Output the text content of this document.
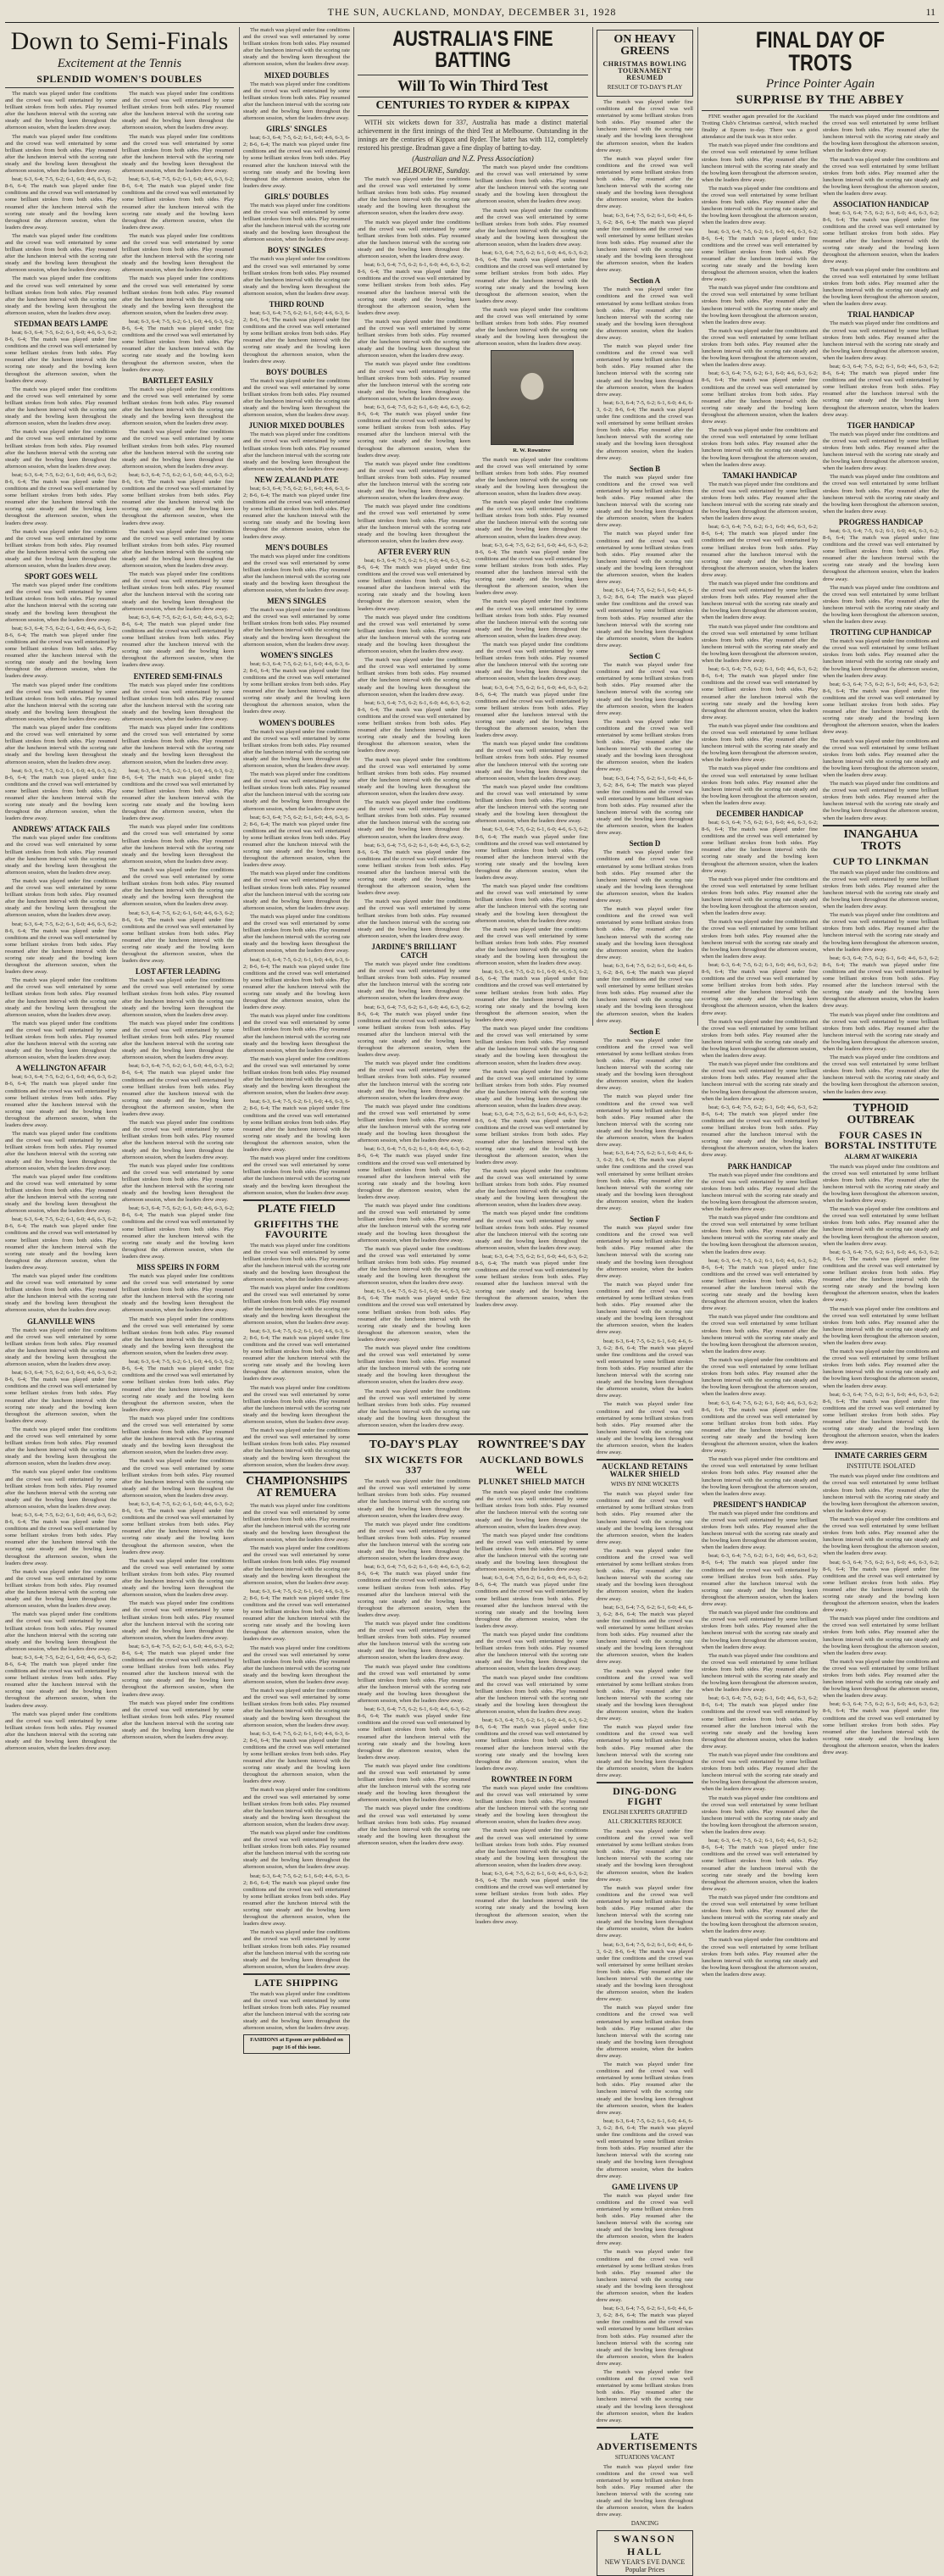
THE SUN, AUCKLAND, MONDAY, DECEMBER 31, 1928	11
Down to Semi-Finals
Excitement at the Tennis
SPLENDID WOMEN'S DOUBLES

The match was played under fine conditions and the crowd was well entertained by some brilliant strokes from both sides. Play resumed after the luncheon interval with the scoring rate steady and the bowling keen throughout the afternoon session, when the leaders drew away.

The match was played under fine conditions and the crowd was well entertained by some brilliant strokes from both sides. Play resumed after the luncheon interval with the scoring rate steady and the bowling keen throughout the afternoon session, when the leaders drew away.

beat; 6-3, 6-4; 7-5, 6-2; 6-1, 6-0; 4-6, 6-3, 6-2; 8-6, 6-4; The match was played under fine conditions and the crowd was well entertained by some brilliant strokes from both sides. Play resumed after the luncheon interval with the scoring rate steady and the bowling keen throughout the afternoon session, when the leaders drew away.

The match was played under fine conditions and the crowd was well entertained by some brilliant strokes from both sides. Play resumed after the luncheon interval with the scoring rate steady and the bowling keen throughout the afternoon session, when the leaders drew away.

The match was played under fine conditions and the crowd was well entertained by some brilliant strokes from both sides. Play resumed after the luncheon interval with the scoring rate steady and the bowling keen throughout the afternoon session, when the leaders drew away.

STEDMAN BEATS LAMPE

beat; 6-3, 6-4; 7-5, 6-2; 6-1, 6-0; 4-6, 6-3, 6-2; 8-6, 6-4; The match was played under fine conditions and the crowd was well entertained by some brilliant strokes from both sides. Play resumed after the luncheon interval with the scoring rate steady and the bowling keen throughout the afternoon session, when the leaders drew away.

The match was played under fine conditions and the crowd was well entertained by some brilliant strokes from both sides. Play resumed after the luncheon interval with the scoring rate steady and the bowling keen throughout the afternoon session, when the leaders drew away.

The match was played under fine conditions and the crowd was well entertained by some brilliant strokes from both sides. Play resumed after the luncheon interval with the scoring rate steady and the bowling keen throughout the afternoon session, when the leaders drew away.

beat; 6-3, 6-4; 7-5, 6-2; 6-1, 6-0; 4-6, 6-3, 6-2; 8-6, 6-4; The match was played under fine conditions and the crowd was well entertained by some brilliant strokes from both sides. Play resumed after the luncheon interval with the scoring rate steady and the bowling keen throughout the afternoon session, when the leaders drew away.

The match was played under fine conditions and the crowd was well entertained by some brilliant strokes from both sides. Play resumed after the luncheon interval with the scoring rate steady and the bowling keen throughout the afternoon session, when the leaders drew away.

SPORT GOES WELL

The match was played under fine conditions and the crowd was well entertained by some brilliant strokes from both sides. Play resumed after the luncheon interval with the scoring rate steady and the bowling keen throughout the afternoon session, when the leaders drew away.

beat; 6-3, 6-4; 7-5, 6-2; 6-1, 6-0; 4-6, 6-3, 6-2; 8-6, 6-4; The match was played under fine conditions and the crowd was well entertained by some brilliant strokes from both sides. Play resumed after the luncheon interval with the scoring rate steady and the bowling keen throughout the afternoon session, when the leaders drew away.

The match was played under fine conditions and the crowd was well entertained by some brilliant strokes from both sides. Play resumed after the luncheon interval with the scoring rate steady and the bowling keen throughout the afternoon session, when the leaders drew away.

The match was played under fine conditions and the crowd was well entertained by some brilliant strokes from both sides. Play resumed after the luncheon interval with the scoring rate steady and the bowling keen throughout the afternoon session, when the leaders drew away.

beat; 6-3, 6-4; 7-5, 6-2; 6-1, 6-0; 4-6, 6-3, 6-2; 8-6, 6-4; The match was played under fine conditions and the crowd was well entertained by some brilliant strokes from both sides. Play resumed after the luncheon interval with the scoring rate steady and the bowling keen throughout the afternoon session, when the leaders drew away.

ANDREWS' ATTACK FAILS

The match was played under fine conditions and the crowd was well entertained by some brilliant strokes from both sides. Play resumed after the luncheon interval with the scoring rate steady and the bowling keen throughout the afternoon session, when the leaders drew away.

The match was played under fine conditions and the crowd was well entertained by some brilliant strokes from both sides. Play resumed after the luncheon interval with the scoring rate steady and the bowling keen throughout the afternoon session, when the leaders drew away.

beat; 6-3, 6-4; 7-5, 6-2; 6-1, 6-0; 4-6, 6-3, 6-2; 8-6, 6-4; The match was played under fine conditions and the crowd was well entertained by some brilliant strokes from both sides. Play resumed after the luncheon interval with the scoring rate steady and the bowling keen throughout the afternoon session, when the leaders drew away.

The match was played under fine conditions and the crowd was well entertained by some brilliant strokes from both sides. Play resumed after the luncheon interval with the scoring rate steady and the bowling keen throughout the afternoon session, when the leaders drew away.

The match was played under fine conditions and the crowd was well entertained by some brilliant strokes from both sides. Play resumed after the luncheon interval with the scoring rate steady and the bowling keen throughout the afternoon session, when the leaders drew away.

A WELLINGTON AFFAIR

beat; 6-3, 6-4; 7-5, 6-2; 6-1, 6-0; 4-6, 6-3, 6-2; 8-6, 6-4; The match was played under fine conditions and the crowd was well entertained by some brilliant strokes from both sides. Play resumed after the luncheon interval with the scoring rate steady and the bowling keen throughout the afternoon session, when the leaders drew away.

The match was played under fine conditions and the crowd was well entertained by some brilliant strokes from both sides. Play resumed after the luncheon interval with the scoring rate steady and the bowling keen throughout the afternoon session, when the leaders drew away.

The match was played under fine conditions and the crowd was well entertained by some brilliant strokes from both sides. Play resumed after the luncheon interval with the scoring rate steady and the bowling keen throughout the afternoon session, when the leaders drew away.

beat; 6-3, 6-4; 7-5, 6-2; 6-1, 6-0; 4-6, 6-3, 6-2; 8-6, 6-4; The match was played under fine conditions and the crowd was well entertained by some brilliant strokes from both sides. Play resumed after the luncheon interval with the scoring rate steady and the bowling keen throughout the afternoon session, when the leaders drew away.

The match was played under fine conditions and the crowd was well entertained by some brilliant strokes from both sides. Play resumed after the luncheon interval with the scoring rate steady and the bowling keen throughout the afternoon session, when the leaders drew away.

GLANVILLE WINS

The match was played under fine conditions and the crowd was well entertained by some brilliant strokes from both sides. Play resumed after the luncheon interval with the scoring rate steady and the bowling keen throughout the afternoon session, when the leaders drew away.

beat; 6-3, 6-4; 7-5, 6-2; 6-1, 6-0; 4-6, 6-3, 6-2; 8-6, 6-4; The match was played under fine conditions and the crowd was well entertained by some brilliant strokes from both sides. Play resumed after the luncheon interval with the scoring rate steady and the bowling keen throughout the afternoon session, when the leaders drew away.

The match was played under fine conditions and the crowd was well entertained by some brilliant strokes from both sides. Play resumed after the luncheon interval with the scoring rate steady and the bowling keen throughout the afternoon session, when the leaders drew away.

The match was played under fine conditions and the crowd was well entertained by some brilliant strokes from both sides. Play resumed after the luncheon interval with the scoring rate steady and the bowling keen throughout the afternoon session, when the leaders drew away.

beat; 6-3, 6-4; 7-5, 6-2; 6-1, 6-0; 4-6, 6-3, 6-2; 8-6, 6-4; The match was played under fine conditions and the crowd was well entertained by some brilliant strokes from both sides. Play resumed after the luncheon interval with the scoring rate steady and the bowling keen throughout the afternoon session, when the leaders drew away.

The match was played under fine conditions and the crowd was well entertained by some brilliant strokes from both sides. Play resumed after the luncheon interval with the scoring rate steady and the bowling keen throughout the afternoon session, when the leaders drew away.

The match was played under fine conditions and the crowd was well entertained by some brilliant strokes from both sides. Play resumed after the luncheon interval with the scoring rate steady and the bowling keen throughout the afternoon session, when the leaders drew away.

beat; 6-3, 6-4; 7-5, 6-2; 6-1, 6-0; 4-6, 6-3, 6-2; 8-6, 6-4; The match was played under fine conditions and the crowd was well entertained by some brilliant strokes from both sides. Play resumed after the luncheon interval with the scoring rate steady and the bowling keen throughout the afternoon session, when the leaders drew away.

The match was played under fine conditions and the crowd was well entertained by some brilliant strokes from both sides. Play resumed after the luncheon interval with the scoring rate steady and the bowling keen throughout the afternoon session, when the leaders drew away.

The match was played under fine conditions and the crowd was well entertained by some brilliant strokes from both sides. Play resumed after the luncheon interval with the scoring rate steady and the bowling keen throughout the afternoon session, when the leaders drew away.

The match was played under fine conditions and the crowd was well entertained by some brilliant strokes from both sides. Play resumed after the luncheon interval with the scoring rate steady and the bowling keen throughout the afternoon session, when the leaders drew away.

beat; 6-3, 6-4; 7-5, 6-2; 6-1, 6-0; 4-6, 6-3, 6-2; 8-6, 6-4; The match was played under fine conditions and the crowd was well entertained by some brilliant strokes from both sides. Play resumed after the luncheon interval with the scoring rate steady and the bowling keen throughout the afternoon session, when the leaders drew away.

The match was played under fine conditions and the crowd was well entertained by some brilliant strokes from both sides. Play resumed after the luncheon interval with the scoring rate steady and the bowling keen throughout the afternoon session, when the leaders drew away.

The match was played under fine conditions and the crowd was well entertained by some brilliant strokes from both sides. Play resumed after the luncheon interval with the scoring rate steady and the bowling keen throughout the afternoon session, when the leaders drew away.

beat; 6-3, 6-4; 7-5, 6-2; 6-1, 6-0; 4-6, 6-3, 6-2; 8-6, 6-4; The match was played under fine conditions and the crowd was well entertained by some brilliant strokes from both sides. Play resumed after the luncheon interval with the scoring rate steady and the bowling keen throughout the afternoon session, when the leaders drew away.

BARTLEET EASILY

The match was played under fine conditions and the crowd was well entertained by some brilliant strokes from both sides. Play resumed after the luncheon interval with the scoring rate steady and the bowling keen throughout the afternoon session, when the leaders drew away.

The match was played under fine conditions and the crowd was well entertained by some brilliant strokes from both sides. Play resumed after the luncheon interval with the scoring rate steady and the bowling keen throughout the afternoon session, when the leaders drew away.

beat; 6-3, 6-4; 7-5, 6-2; 6-1, 6-0; 4-6, 6-3, 6-2; 8-6, 6-4; The match was played under fine conditions and the crowd was well entertained by some brilliant strokes from both sides. Play resumed after the luncheon interval with the scoring rate steady and the bowling keen throughout the afternoon session, when the leaders drew away.

The match was played under fine conditions and the crowd was well entertained by some brilliant strokes from both sides. Play resumed after the luncheon interval with the scoring rate steady and the bowling keen throughout the afternoon session, when the leaders drew away.

The match was played under fine conditions and the crowd was well entertained by some brilliant strokes from both sides. Play resumed after the luncheon interval with the scoring rate steady and the bowling keen throughout the afternoon session, when the leaders drew away.

beat; 6-3, 6-4; 7-5, 6-2; 6-1, 6-0; 4-6, 6-3, 6-2; 8-6, 6-4; The match was played under fine conditions and the crowd was well entertained by some brilliant strokes from both sides. Play resumed after the luncheon interval with the scoring rate steady and the bowling keen throughout the afternoon session, when the leaders drew away.

ENTERED SEMI-FINALS

The match was played under fine conditions and the crowd was well entertained by some brilliant strokes from both sides. Play resumed after the luncheon interval with the scoring rate steady and the bowling keen throughout the afternoon session, when the leaders drew away.

The match was played under fine conditions and the crowd was well entertained by some brilliant strokes from both sides. Play resumed after the luncheon interval with the scoring rate steady and the bowling keen throughout the afternoon session, when the leaders drew away.

beat; 6-3, 6-4; 7-5, 6-2; 6-1, 6-0; 4-6, 6-3, 6-2; 8-6, 6-4; The match was played under fine conditions and the crowd was well entertained by some brilliant strokes from both sides. Play resumed after the luncheon interval with the scoring rate steady and the bowling keen throughout the afternoon session, when the leaders drew away.

The match was played under fine conditions and the crowd was well entertained by some brilliant strokes from both sides. Play resumed after the luncheon interval with the scoring rate steady and the bowling keen throughout the afternoon session, when the leaders drew away.

The match was played under fine conditions and the crowd was well entertained by some brilliant strokes from both sides. Play resumed after the luncheon interval with the scoring rate steady and the bowling keen throughout the afternoon session, when the leaders drew away.

beat; 6-3, 6-4; 7-5, 6-2; 6-1, 6-0; 4-6, 6-3, 6-2; 8-6, 6-4; The match was played under fine conditions and the crowd was well entertained by some brilliant strokes from both sides. Play resumed after the luncheon interval with the scoring rate steady and the bowling keen throughout the afternoon session, when the leaders drew away.

LOST AFTER LEADING

The match was played under fine conditions and the crowd was well entertained by some brilliant strokes from both sides. Play resumed after the luncheon interval with the scoring rate steady and the bowling keen throughout the afternoon session, when the leaders drew away.

The match was played under fine conditions and the crowd was well entertained by some brilliant strokes from both sides. Play resumed after the luncheon interval with the scoring rate steady and the bowling keen throughout the afternoon session, when the leaders drew away.

beat; 6-3, 6-4; 7-5, 6-2; 6-1, 6-0; 4-6, 6-3, 6-2; 8-6, 6-4; The match was played under fine conditions and the crowd was well entertained by some brilliant strokes from both sides. Play resumed after the luncheon interval with the scoring rate steady and the bowling keen throughout the afternoon session, when the leaders drew away.

The match was played under fine conditions and the crowd was well entertained by some brilliant strokes from both sides. Play resumed after the luncheon interval with the scoring rate steady and the bowling keen throughout the afternoon session, when the leaders drew away.

The match was played under fine conditions and the crowd was well entertained by some brilliant strokes from both sides. Play resumed after the luncheon interval with the scoring rate steady and the bowling keen throughout the afternoon session, when the leaders drew away.

beat; 6-3, 6-4; 7-5, 6-2; 6-1, 6-0; 4-6, 6-3, 6-2; 8-6, 6-4; The match was played under fine conditions and the crowd was well entertained by some brilliant strokes from both sides. Play resumed after the luncheon interval with the scoring rate steady and the bowling keen throughout the afternoon session, when the leaders drew away.

MISS SPEIRS IN FORM

The match was played under fine conditions and the crowd was well entertained by some brilliant strokes from both sides. Play resumed after the luncheon interval with the scoring rate steady and the bowling keen throughout the afternoon session, when the leaders drew away.

The match was played under fine conditions and the crowd was well entertained by some brilliant strokes from both sides. Play resumed after the luncheon interval with the scoring rate steady and the bowling keen throughout the afternoon session, when the leaders drew away.

beat; 6-3, 6-4; 7-5, 6-2; 6-1, 6-0; 4-6, 6-3, 6-2; 8-6, 6-4; The match was played under fine conditions and the crowd was well entertained by some brilliant strokes from both sides. Play resumed after the luncheon interval with the scoring rate steady and the bowling keen throughout the afternoon session, when the leaders drew away.

The match was played under fine conditions and the crowd was well entertained by some brilliant strokes from both sides. Play resumed after the luncheon interval with the scoring rate steady and the bowling keen throughout the afternoon session, when the leaders drew away.

The match was played under fine conditions and the crowd was well entertained by some brilliant strokes from both sides. Play resumed after the luncheon interval with the scoring rate steady and the bowling keen throughout the afternoon session, when the leaders drew away.

beat; 6-3, 6-4; 7-5, 6-2; 6-1, 6-0; 4-6, 6-3, 6-2; 8-6, 6-4; The match was played under fine conditions and the crowd was well entertained by some brilliant strokes from both sides. Play resumed after the luncheon interval with the scoring rate steady and the bowling keen throughout the afternoon session, when the leaders drew away.

The match was played under fine conditions and the crowd was well entertained by some brilliant strokes from both sides. Play resumed after the luncheon interval with the scoring rate steady and the bowling keen throughout the afternoon session, when the leaders drew away.

The match was played under fine conditions and the crowd was well entertained by some brilliant strokes from both sides. Play resumed after the luncheon interval with the scoring rate steady and the bowling keen throughout the afternoon session, when the leaders drew away.

beat; 6-3, 6-4; 7-5, 6-2; 6-1, 6-0; 4-6, 6-3, 6-2; 8-6, 6-4; The match was played under fine conditions and the crowd was well entertained by some brilliant strokes from both sides. Play resumed after the luncheon interval with the scoring rate steady and the bowling keen throughout the afternoon session, when the leaders drew away.

The match was played under fine conditions and the crowd was well entertained by some brilliant strokes from both sides. Play resumed after the luncheon interval with the scoring rate steady and the bowling keen throughout the afternoon session, when the leaders drew away.

The match was played under fine conditions and the crowd was well entertained by some brilliant strokes from both sides. Play resumed after the luncheon interval with the scoring rate steady and the bowling keen throughout the afternoon session, when the leaders drew away.

MIXED DOUBLES

The match was played under fine conditions and the crowd was well entertained by some brilliant strokes from both sides. Play resumed after the luncheon interval with the scoring rate steady and the bowling keen throughout the afternoon session, when the leaders drew away.

GIRLS' SINGLES

beat; 6-3, 6-4; 7-5, 6-2; 6-1, 6-0; 4-6, 6-3, 6-2; 8-6, 6-4; The match was played under fine conditions and the crowd was well entertained by some brilliant strokes from both sides. Play resumed after the luncheon interval with the scoring rate steady and the bowling keen throughout the afternoon session, when the leaders drew away.

GIRLS' DOUBLES

The match was played under fine conditions and the crowd was well entertained by some brilliant strokes from both sides. Play resumed after the luncheon interval with the scoring rate steady and the bowling keen throughout the afternoon session, when the leaders drew away.

BOYS' SINGLES

The match was played under fine conditions and the crowd was well entertained by some brilliant strokes from both sides. Play resumed after the luncheon interval with the scoring rate steady and the bowling keen throughout the afternoon session, when the leaders drew away.

THIRD ROUND

beat; 6-3, 6-4; 7-5, 6-2; 6-1, 6-0; 4-6, 6-3, 6-2; 8-6, 6-4; The match was played under fine conditions and the crowd was well entertained by some brilliant strokes from both sides. Play resumed after the luncheon interval with the scoring rate steady and the bowling keen throughout the afternoon session, when the leaders drew away.

BOYS' DOUBLES

The match was played under fine conditions and the crowd was well entertained by some brilliant strokes from both sides. Play resumed after the luncheon interval with the scoring rate steady and the bowling keen throughout the afternoon session, when the leaders drew away.

JUNIOR MIXED DOUBLES

The match was played under fine conditions and the crowd was well entertained by some brilliant strokes from both sides. Play resumed after the luncheon interval with the scoring rate steady and the bowling keen throughout the afternoon session, when the leaders drew away.

NEW ZEALAND PLATE

beat; 6-3, 6-4; 7-5, 6-2; 6-1, 6-0; 4-6, 6-3, 6-2; 8-6, 6-4; The match was played under fine conditions and the crowd was well entertained by some brilliant strokes from both sides. Play resumed after the luncheon interval with the scoring rate steady and the bowling keen throughout the afternoon session, when the leaders drew away.

MEN'S DOUBLES

The match was played under fine conditions and the crowd was well entertained by some brilliant strokes from both sides. Play resumed after the luncheon interval with the scoring rate steady and the bowling keen throughout the afternoon session, when the leaders drew away.

MEN'S SINGLES

The match was played under fine conditions and the crowd was well entertained by some brilliant strokes from both sides. Play resumed after the luncheon interval with the scoring rate steady and the bowling keen throughout the afternoon session, when the leaders drew away.

WOMEN'S SINGLES

beat; 6-3, 6-4; 7-5, 6-2; 6-1, 6-0; 4-6, 6-3, 6-2; 8-6, 6-4; The match was played under fine conditions and the crowd was well entertained by some brilliant strokes from both sides. Play resumed after the luncheon interval with the scoring rate steady and the bowling keen throughout the afternoon session, when the leaders drew away.

WOMEN'S DOUBLES

The match was played under fine conditions and the crowd was well entertained by some brilliant strokes from both sides. Play resumed after the luncheon interval with the scoring rate steady and the bowling keen throughout the afternoon session, when the leaders drew away.

The match was played under fine conditions and the crowd was well entertained by some brilliant strokes from both sides. Play resumed after the luncheon interval with the scoring rate steady and the bowling keen throughout the afternoon session, when the leaders drew away.

beat; 6-3, 6-4; 7-5, 6-2; 6-1, 6-0; 4-6, 6-3, 6-2; 8-6, 6-4; The match was played under fine conditions and the crowd was well entertained by some brilliant strokes from both sides. Play resumed after the luncheon interval with the scoring rate steady and the bowling keen throughout the afternoon session, when the leaders drew away.

The match was played under fine conditions and the crowd was well entertained by some brilliant strokes from both sides. Play resumed after the luncheon interval with the scoring rate steady and the bowling keen throughout the afternoon session, when the leaders drew away.

The match was played under fine conditions and the crowd was well entertained by some brilliant strokes from both sides. Play resumed after the luncheon interval with the scoring rate steady and the bowling keen throughout the afternoon session, when the leaders drew away.

beat; 6-3, 6-4; 7-5, 6-2; 6-1, 6-0; 4-6, 6-3, 6-2; 8-6, 6-4; The match was played under fine conditions and the crowd was well entertained by some brilliant strokes from both sides. Play resumed after the luncheon interval with the scoring rate steady and the bowling keen throughout the afternoon session, when the leaders drew away.

The match was played under fine conditions and the crowd was well entertained by some brilliant strokes from both sides. Play resumed after the luncheon interval with the scoring rate steady and the bowling keen throughout the afternoon session, when the leaders drew away.

The match was played under fine conditions and the crowd was well entertained by some brilliant strokes from both sides. Play resumed after the luncheon interval with the scoring rate steady and the bowling keen throughout the afternoon session, when the leaders drew away.

beat; 6-3, 6-4; 7-5, 6-2; 6-1, 6-0; 4-6, 6-3, 6-2; 8-6, 6-4; The match was played under fine conditions and the crowd was well entertained by some brilliant strokes from both sides. Play resumed after the luncheon interval with the scoring rate steady and the bowling keen throughout the afternoon session, when the leaders drew away.

The match was played under fine conditions and the crowd was well entertained by some brilliant strokes from both sides. Play resumed after the luncheon interval with the scoring rate steady and the bowling keen throughout the afternoon session, when the leaders drew away.

PLATE FIELD
GRIFFITHS THE FAVOURITE

The match was played under fine conditions and the crowd was well entertained by some brilliant strokes from both sides. Play resumed after the luncheon interval with the scoring rate steady and the bowling keen throughout the afternoon session, when the leaders drew away.

The match was played under fine conditions and the crowd was well entertained by some brilliant strokes from both sides. Play resumed after the luncheon interval with the scoring rate steady and the bowling keen throughout the afternoon session, when the leaders drew away.

beat; 6-3, 6-4; 7-5, 6-2; 6-1, 6-0; 4-6, 6-3, 6-2; 8-6, 6-4; The match was played under fine conditions and the crowd was well entertained by some brilliant strokes from both sides. Play resumed after the luncheon interval with the scoring rate steady and the bowling keen throughout the afternoon session, when the leaders drew away.

The match was played under fine conditions and the crowd was well entertained by some brilliant strokes from both sides. Play resumed after the luncheon interval with the scoring rate steady and the bowling keen throughout the afternoon session, when the leaders drew away.

The match was played under fine conditions and the crowd was well entertained by some brilliant strokes from both sides. Play resumed after the luncheon interval with the scoring rate steady and the bowling keen throughout the afternoon session, when the leaders drew away.

CHAMPIONSHIPS AT REMUERA

The match was played under fine conditions and the crowd was well entertained by some brilliant strokes from both sides. Play resumed after the luncheon interval with the scoring rate steady and the bowling keen throughout the afternoon session, when the leaders drew away.

The match was played under fine conditions and the crowd was well entertained by some brilliant strokes from both sides. Play resumed after the luncheon interval with the scoring rate steady and the bowling keen throughout the afternoon session, when the leaders drew away.

beat; 6-3, 6-4; 7-5, 6-2; 6-1, 6-0; 4-6, 6-3, 6-2; 8-6, 6-4; The match was played under fine conditions and the crowd was well entertained by some brilliant strokes from both sides. Play resumed after the luncheon interval with the scoring rate steady and the bowling keen throughout the afternoon session, when the leaders drew away.

The match was played under fine conditions and the crowd was well entertained by some brilliant strokes from both sides. Play resumed after the luncheon interval with the scoring rate steady and the bowling keen throughout the afternoon session, when the leaders drew away.

The match was played under fine conditions and the crowd was well entertained by some brilliant strokes from both sides. Play resumed after the luncheon interval with the scoring rate steady and the bowling keen throughout the afternoon session, when the leaders drew away.

beat; 6-3, 6-4; 7-5, 6-2; 6-1, 6-0; 4-6, 6-3, 6-2; 8-6, 6-4; The match was played under fine conditions and the crowd was well entertained by some brilliant strokes from both sides. Play resumed after the luncheon interval with the scoring rate steady and the bowling keen throughout the afternoon session, when the leaders drew away.

The match was played under fine conditions and the crowd was well entertained by some brilliant strokes from both sides. Play resumed after the luncheon interval with the scoring rate steady and the bowling keen throughout the afternoon session, when the leaders drew away.

The match was played under fine conditions and the crowd was well entertained by some brilliant strokes from both sides. Play resumed after the luncheon interval with the scoring rate steady and the bowling keen throughout the afternoon session, when the leaders drew away.

beat; 6-3, 6-4; 7-5, 6-2; 6-1, 6-0; 4-6, 6-3, 6-2; 8-6, 6-4; The match was played under fine conditions and the crowd was well entertained by some brilliant strokes from both sides. Play resumed after the luncheon interval with the scoring rate steady and the bowling keen throughout the afternoon session, when the leaders drew away.

The match was played under fine conditions and the crowd was well entertained by some brilliant strokes from both sides. Play resumed after the luncheon interval with the scoring rate steady and the bowling keen throughout the afternoon session, when the leaders drew away.

LATE SHIPPING

The match was played under fine conditions and the crowd was well entertained by some brilliant strokes from both sides. Play resumed after the luncheon interval with the scoring rate steady and the bowling keen throughout the afternoon session, when the leaders drew away.

FASHIONS at Epsom are published on page 16 of this issue.
AUSTRALIA'S FINE BATTING
Will To Win Third Test
CENTURIES TO RYDER & KIPPAX

WITH six wickets down for 337, Australia has made a distinct material achievement in the first innings of the third Test at Melbourne. Outstanding in the innings are the centuries of Kippax and Ryder. The latter has with 112, completely restored his prestige. Bradman gave a fine display of batting to-day.

(Australian and N.Z. Press Association)
MELBOURNE, Sunday.

The match was played under fine conditions and the crowd was well entertained by some brilliant strokes from both sides. Play resumed after the luncheon interval with the scoring rate steady and the bowling keen throughout the afternoon session, when the leaders drew away.

The match was played under fine conditions and the crowd was well entertained by some brilliant strokes from both sides. Play resumed after the luncheon interval with the scoring rate steady and the bowling keen throughout the afternoon session, when the leaders drew away.

beat; 6-3, 6-4; 7-5, 6-2; 6-1, 6-0; 4-6, 6-3, 6-2; 8-6, 6-4; The match was played under fine conditions and the crowd was well entertained by some brilliant strokes from both sides. Play resumed after the luncheon interval with the scoring rate steady and the bowling keen throughout the afternoon session, when the leaders drew away.

The match was played under fine conditions and the crowd was well entertained by some brilliant strokes from both sides. Play resumed after the luncheon interval with the scoring rate steady and the bowling keen throughout the afternoon session, when the leaders drew away.

The match was played under fine conditions and the crowd was well entertained by some brilliant strokes from both sides. Play resumed after the luncheon interval with the scoring rate steady and the bowling keen throughout the afternoon session, when the leaders drew away.

beat; 6-3, 6-4; 7-5, 6-2; 6-1, 6-0; 4-6, 6-3, 6-2; 8-6, 6-4; The match was played under fine conditions and the crowd was well entertained by some brilliant strokes from both sides. Play resumed after the luncheon interval with the scoring rate steady and the bowling keen throughout the afternoon session, when the leaders drew away.

The match was played under fine conditions and the crowd was well entertained by some brilliant strokes from both sides. Play resumed after the luncheon interval with the scoring rate steady and the bowling keen throughout the afternoon session, when the leaders drew away.

The match was played under fine conditions and the crowd was well entertained by some brilliant strokes from both sides. Play resumed after the luncheon interval with the scoring rate steady and the bowling keen throughout the afternoon session, when the leaders drew away.

AFTER EVERY RUN

beat; 6-3, 6-4; 7-5, 6-2; 6-1, 6-0; 4-6, 6-3, 6-2; 8-6, 6-4; The match was played under fine conditions and the crowd was well entertained by some brilliant strokes from both sides. Play resumed after the luncheon interval with the scoring rate steady and the bowling keen throughout the afternoon session, when the leaders drew away.

The match was played under fine conditions and the crowd was well entertained by some brilliant strokes from both sides. Play resumed after the luncheon interval with the scoring rate steady and the bowling keen throughout the afternoon session, when the leaders drew away.

The match was played under fine conditions and the crowd was well entertained by some brilliant strokes from both sides. Play resumed after the luncheon interval with the scoring rate steady and the bowling keen throughout the afternoon session, when the leaders drew away.

beat; 6-3, 6-4; 7-5, 6-2; 6-1, 6-0; 4-6, 6-3, 6-2; 8-6, 6-4; The match was played under fine conditions and the crowd was well entertained by some brilliant strokes from both sides. Play resumed after the luncheon interval with the scoring rate steady and the bowling keen throughout the afternoon session, when the leaders drew away.

The match was played under fine conditions and the crowd was well entertained by some brilliant strokes from both sides. Play resumed after the luncheon interval with the scoring rate steady and the bowling keen throughout the afternoon session, when the leaders drew away.

The match was played under fine conditions and the crowd was well entertained by some brilliant strokes from both sides. Play resumed after the luncheon interval with the scoring rate steady and the bowling keen throughout the afternoon session, when the leaders drew away.

beat; 6-3, 6-4; 7-5, 6-2; 6-1, 6-0; 4-6, 6-3, 6-2; 8-6, 6-4; The match was played under fine conditions and the crowd was well entertained by some brilliant strokes from both sides. Play resumed after the luncheon interval with the scoring rate steady and the bowling keen throughout the afternoon session, when the leaders drew away.

The match was played under fine conditions and the crowd was well entertained by some brilliant strokes from both sides. Play resumed after the luncheon interval with the scoring rate steady and the bowling keen throughout the afternoon session, when the leaders drew away.

JARDINE'S BRILLIANT CATCH

The match was played under fine conditions and the crowd was well entertained by some brilliant strokes from both sides. Play resumed after the luncheon interval with the scoring rate steady and the bowling keen throughout the afternoon session, when the leaders drew away.

beat; 6-3, 6-4; 7-5, 6-2; 6-1, 6-0; 4-6, 6-3, 6-2; 8-6, 6-4; The match was played under fine conditions and the crowd was well entertained by some brilliant strokes from both sides. Play resumed after the luncheon interval with the scoring rate steady and the bowling keen throughout the afternoon session, when the leaders drew away.

The match was played under fine conditions and the crowd was well entertained by some brilliant strokes from both sides. Play resumed after the luncheon interval with the scoring rate steady and the bowling keen throughout the afternoon session, when the leaders drew away.

The match was played under fine conditions and the crowd was well entertained by some brilliant strokes from both sides. Play resumed after the luncheon interval with the scoring rate steady and the bowling keen throughout the afternoon session, when the leaders drew away.

beat; 6-3, 6-4; 7-5, 6-2; 6-1, 6-0; 4-6, 6-3, 6-2; 8-6, 6-4; The match was played under fine conditions and the crowd was well entertained by some brilliant strokes from both sides. Play resumed after the luncheon interval with the scoring rate steady and the bowling keen throughout the afternoon session, when the leaders drew away.

The match was played under fine conditions and the crowd was well entertained by some brilliant strokes from both sides. Play resumed after the luncheon interval with the scoring rate steady and the bowling keen throughout the afternoon session, when the leaders drew away.

The match was played under fine conditions and the crowd was well entertained by some brilliant strokes from both sides. Play resumed after the luncheon interval with the scoring rate steady and the bowling keen throughout the afternoon session, when the leaders drew away.

beat; 6-3, 6-4; 7-5, 6-2; 6-1, 6-0; 4-6, 6-3, 6-2; 8-6, 6-4; The match was played under fine conditions and the crowd was well entertained by some brilliant strokes from both sides. Play resumed after the luncheon interval with the scoring rate steady and the bowling keen throughout the afternoon session, when the leaders drew away.

The match was played under fine conditions and the crowd was well entertained by some brilliant strokes from both sides. Play resumed after the luncheon interval with the scoring rate steady and the bowling keen throughout the afternoon session, when the leaders drew away.

The match was played under fine conditions and the crowd was well entertained by some brilliant strokes from both sides. Play resumed after the luncheon interval with the scoring rate steady and the bowling keen throughout the afternoon session, when the leaders drew away.

The match was played under fine conditions and the crowd was well entertained by some brilliant strokes from both sides. Play resumed after the luncheon interval with the scoring rate steady and the bowling keen throughout the afternoon session, when the leaders drew away.

The match was played under fine conditions and the crowd was well entertained by some brilliant strokes from both sides. Play resumed after the luncheon interval with the scoring rate steady and the bowling keen throughout the afternoon session, when the leaders drew away.

beat; 6-3, 6-4; 7-5, 6-2; 6-1, 6-0; 4-6, 6-3, 6-2; 8-6, 6-4; The match was played under fine conditions and the crowd was well entertained by some brilliant strokes from both sides. Play resumed after the luncheon interval with the scoring rate steady and the bowling keen throughout the afternoon session, when the leaders drew away.

The match was played under fine conditions and the crowd was well entertained by some brilliant strokes from both sides. Play resumed after the luncheon interval with the scoring rate steady and the bowling keen throughout the afternoon session, when the leaders drew away.

R. W. Rowntree

The match was played under fine conditions and the crowd was well entertained by some brilliant strokes from both sides. Play resumed after the luncheon interval with the scoring rate steady and the bowling keen throughout the afternoon session, when the leaders drew away.

The match was played under fine conditions and the crowd was well entertained by some brilliant strokes from both sides. Play resumed after the luncheon interval with the scoring rate steady and the bowling keen throughout the afternoon session, when the leaders drew away.

beat; 6-3, 6-4; 7-5, 6-2; 6-1, 6-0; 4-6, 6-3, 6-2; 8-6, 6-4; The match was played under fine conditions and the crowd was well entertained by some brilliant strokes from both sides. Play resumed after the luncheon interval with the scoring rate steady and the bowling keen throughout the afternoon session, when the leaders drew away.

The match was played under fine conditions and the crowd was well entertained by some brilliant strokes from both sides. Play resumed after the luncheon interval with the scoring rate steady and the bowling keen throughout the afternoon session, when the leaders drew away.

The match was played under fine conditions and the crowd was well entertained by some brilliant strokes from both sides. Play resumed after the luncheon interval with the scoring rate steady and the bowling keen throughout the afternoon session, when the leaders drew away.

beat; 6-3, 6-4; 7-5, 6-2; 6-1, 6-0; 4-6, 6-3, 6-2; 8-6, 6-4; The match was played under fine conditions and the crowd was well entertained by some brilliant strokes from both sides. Play resumed after the luncheon interval with the scoring rate steady and the bowling keen throughout the afternoon session, when the leaders drew away.

The match was played under fine conditions and the crowd was well entertained by some brilliant strokes from both sides. Play resumed after the luncheon interval with the scoring rate steady and the bowling keen throughout the afternoon session, when the leaders drew away.

The match was played under fine conditions and the crowd was well entertained by some brilliant strokes from both sides. Play resumed after the luncheon interval with the scoring rate steady and the bowling keen throughout the afternoon session, when the leaders drew away.

beat; 6-3, 6-4; 7-5, 6-2; 6-1, 6-0; 4-6, 6-3, 6-2; 8-6, 6-4; The match was played under fine conditions and the crowd was well entertained by some brilliant strokes from both sides. Play resumed after the luncheon interval with the scoring rate steady and the bowling keen throughout the afternoon session, when the leaders drew away.

The match was played under fine conditions and the crowd was well entertained by some brilliant strokes from both sides. Play resumed after the luncheon interval with the scoring rate steady and the bowling keen throughout the afternoon session, when the leaders drew away.

The match was played under fine conditions and the crowd was well entertained by some brilliant strokes from both sides. Play resumed after the luncheon interval with the scoring rate steady and the bowling keen throughout the afternoon session, when the leaders drew away.

beat; 6-3, 6-4; 7-5, 6-2; 6-1, 6-0; 4-6, 6-3, 6-2; 8-6, 6-4; The match was played under fine conditions and the crowd was well entertained by some brilliant strokes from both sides. Play resumed after the luncheon interval with the scoring rate steady and the bowling keen throughout the afternoon session, when the leaders drew away.

The match was played under fine conditions and the crowd was well entertained by some brilliant strokes from both sides. Play resumed after the luncheon interval with the scoring rate steady and the bowling keen throughout the afternoon session, when the leaders drew away.

The match was played under fine conditions and the crowd was well entertained by some brilliant strokes from both sides. Play resumed after the luncheon interval with the scoring rate steady and the bowling keen throughout the afternoon session, when the leaders drew away.

beat; 6-3, 6-4; 7-5, 6-2; 6-1, 6-0; 4-6, 6-3, 6-2; 8-6, 6-4; The match was played under fine conditions and the crowd was well entertained by some brilliant strokes from both sides. Play resumed after the luncheon interval with the scoring rate steady and the bowling keen throughout the afternoon session, when the leaders drew away.

The match was played under fine conditions and the crowd was well entertained by some brilliant strokes from both sides. Play resumed after the luncheon interval with the scoring rate steady and the bowling keen throughout the afternoon session, when the leaders drew away.

The match was played under fine conditions and the crowd was well entertained by some brilliant strokes from both sides. Play resumed after the luncheon interval with the scoring rate steady and the bowling keen throughout the afternoon session, when the leaders drew away.

beat; 6-3, 6-4; 7-5, 6-2; 6-1, 6-0; 4-6, 6-3, 6-2; 8-6, 6-4; The match was played under fine conditions and the crowd was well entertained by some brilliant strokes from both sides. Play resumed after the luncheon interval with the scoring rate steady and the bowling keen throughout the afternoon session, when the leaders drew away.

TO-DAY'S PLAY
SIX WICKETS FOR 337

The match was played under fine conditions and the crowd was well entertained by some brilliant strokes from both sides. Play resumed after the luncheon interval with the scoring rate steady and the bowling keen throughout the afternoon session, when the leaders drew away.

The match was played under fine conditions and the crowd was well entertained by some brilliant strokes from both sides. Play resumed after the luncheon interval with the scoring rate steady and the bowling keen throughout the afternoon session, when the leaders drew away.

beat; 6-3, 6-4; 7-5, 6-2; 6-1, 6-0; 4-6, 6-3, 6-2; 8-6, 6-4; The match was played under fine conditions and the crowd was well entertained by some brilliant strokes from both sides. Play resumed after the luncheon interval with the scoring rate steady and the bowling keen throughout the afternoon session, when the leaders drew away.

The match was played under fine conditions and the crowd was well entertained by some brilliant strokes from both sides. Play resumed after the luncheon interval with the scoring rate steady and the bowling keen throughout the afternoon session, when the leaders drew away.

The match was played under fine conditions and the crowd was well entertained by some brilliant strokes from both sides. Play resumed after the luncheon interval with the scoring rate steady and the bowling keen throughout the afternoon session, when the leaders drew away.

beat; 6-3, 6-4; 7-5, 6-2; 6-1, 6-0; 4-6, 6-3, 6-2; 8-6, 6-4; The match was played under fine conditions and the crowd was well entertained by some brilliant strokes from both sides. Play resumed after the luncheon interval with the scoring rate steady and the bowling keen throughout the afternoon session, when the leaders drew away.

The match was played under fine conditions and the crowd was well entertained by some brilliant strokes from both sides. Play resumed after the luncheon interval with the scoring rate steady and the bowling keen throughout the afternoon session, when the leaders drew away.

The match was played under fine conditions and the crowd was well entertained by some brilliant strokes from both sides. Play resumed after the luncheon interval with the scoring rate steady and the bowling keen throughout the afternoon session, when the leaders drew away.

ROWNTREE'S DAY
AUCKLAND BOWLS WELL
PLUNKET SHIELD MATCH

The match was played under fine conditions and the crowd was well entertained by some brilliant strokes from both sides. Play resumed after the luncheon interval with the scoring rate steady and the bowling keen throughout the afternoon session, when the leaders drew away.

The match was played under fine conditions and the crowd was well entertained by some brilliant strokes from both sides. Play resumed after the luncheon interval with the scoring rate steady and the bowling keen throughout the afternoon session, when the leaders drew away.

beat; 6-3, 6-4; 7-5, 6-2; 6-1, 6-0; 4-6, 6-3, 6-2; 8-6, 6-4; The match was played under fine conditions and the crowd was well entertained by some brilliant strokes from both sides. Play resumed after the luncheon interval with the scoring rate steady and the bowling keen throughout the afternoon session, when the leaders drew away.

The match was played under fine conditions and the crowd was well entertained by some brilliant strokes from both sides. Play resumed after the luncheon interval with the scoring rate steady and the bowling keen throughout the afternoon session, when the leaders drew away.

The match was played under fine conditions and the crowd was well entertained by some brilliant strokes from both sides. Play resumed after the luncheon interval with the scoring rate steady and the bowling keen throughout the afternoon session, when the leaders drew away.

beat; 6-3, 6-4; 7-5, 6-2; 6-1, 6-0; 4-6, 6-3, 6-2; 8-6, 6-4; The match was played under fine conditions and the crowd was well entertained by some brilliant strokes from both sides. Play resumed after the luncheon interval with the scoring rate steady and the bowling keen throughout the afternoon session, when the leaders drew away.

ROWNTREE IN FORM

The match was played under fine conditions and the crowd was well entertained by some brilliant strokes from both sides. Play resumed after the luncheon interval with the scoring rate steady and the bowling keen throughout the afternoon session, when the leaders drew away.

The match was played under fine conditions and the crowd was well entertained by some brilliant strokes from both sides. Play resumed after the luncheon interval with the scoring rate steady and the bowling keen throughout the afternoon session, when the leaders drew away.

beat; 6-3, 6-4; 7-5, 6-2; 6-1, 6-0; 4-6, 6-3, 6-2; 8-6, 6-4; The match was played under fine conditions and the crowd was well entertained by some brilliant strokes from both sides. Play resumed after the luncheon interval with the scoring rate steady and the bowling keen throughout the afternoon session, when the leaders drew away.

ON HEAVY GREENS
CHRISTMAS BOWLING TOURNAMENT RESUMED
RESULT OF TO-DAY'S PLAY

The match was played under fine conditions and the crowd was well entertained by some brilliant strokes from both sides. Play resumed after the luncheon interval with the scoring rate steady and the bowling keen throughout the afternoon session, when the leaders drew away.

The match was played under fine conditions and the crowd was well entertained by some brilliant strokes from both sides. Play resumed after the luncheon interval with the scoring rate steady and the bowling keen throughout the afternoon session, when the leaders drew away.

beat; 6-3, 6-4; 7-5, 6-2; 6-1, 6-0; 4-6, 6-3, 6-2; 8-6, 6-4; The match was played under fine conditions and the crowd was well entertained by some brilliant strokes from both sides. Play resumed after the luncheon interval with the scoring rate steady and the bowling keen throughout the afternoon session, when the leaders drew away.

Section A

The match was played under fine conditions and the crowd was well entertained by some brilliant strokes from both sides. Play resumed after the luncheon interval with the scoring rate steady and the bowling keen throughout the afternoon session, when the leaders drew away.

The match was played under fine conditions and the crowd was well entertained by some brilliant strokes from both sides. Play resumed after the luncheon interval with the scoring rate steady and the bowling keen throughout the afternoon session, when the leaders drew away.

beat; 6-3, 6-4; 7-5, 6-2; 6-1, 6-0; 4-6, 6-3, 6-2; 8-6, 6-4; The match was played under fine conditions and the crowd was well entertained by some brilliant strokes from both sides. Play resumed after the luncheon interval with the scoring rate steady and the bowling keen throughout the afternoon session, when the leaders drew away.

Section B

The match was played under fine conditions and the crowd was well entertained by some brilliant strokes from both sides. Play resumed after the luncheon interval with the scoring rate steady and the bowling keen throughout the afternoon session, when the leaders drew away.

The match was played under fine conditions and the crowd was well entertained by some brilliant strokes from both sides. Play resumed after the luncheon interval with the scoring rate steady and the bowling keen throughout the afternoon session, when the leaders drew away.

beat; 6-3, 6-4; 7-5, 6-2; 6-1, 6-0; 4-6, 6-3, 6-2; 8-6, 6-4; The match was played under fine conditions and the crowd was well entertained by some brilliant strokes from both sides. Play resumed after the luncheon interval with the scoring rate steady and the bowling keen throughout the afternoon session, when the leaders drew away.

Section C

The match was played under fine conditions and the crowd was well entertained by some brilliant strokes from both sides. Play resumed after the luncheon interval with the scoring rate steady and the bowling keen throughout the afternoon session, when the leaders drew away.

The match was played under fine conditions and the crowd was well entertained by some brilliant strokes from both sides. Play resumed after the luncheon interval with the scoring rate steady and the bowling keen throughout the afternoon session, when the leaders drew away.

beat; 6-3, 6-4; 7-5, 6-2; 6-1, 6-0; 4-6, 6-3, 6-2; 8-6, 6-4; The match was played under fine conditions and the crowd was well entertained by some brilliant strokes from both sides. Play resumed after the luncheon interval with the scoring rate steady and the bowling keen throughout the afternoon session, when the leaders drew away.

Section D

The match was played under fine conditions and the crowd was well entertained by some brilliant strokes from both sides. Play resumed after the luncheon interval with the scoring rate steady and the bowling keen throughout the afternoon session, when the leaders drew away.

The match was played under fine conditions and the crowd was well entertained by some brilliant strokes from both sides. Play resumed after the luncheon interval with the scoring rate steady and the bowling keen throughout the afternoon session, when the leaders drew away.

beat; 6-3, 6-4; 7-5, 6-2; 6-1, 6-0; 4-6, 6-3, 6-2; 8-6, 6-4; The match was played under fine conditions and the crowd was well entertained by some brilliant strokes from both sides. Play resumed after the luncheon interval with the scoring rate steady and the bowling keen throughout the afternoon session, when the leaders drew away.

Section E

The match was played under fine conditions and the crowd was well entertained by some brilliant strokes from both sides. Play resumed after the luncheon interval with the scoring rate steady and the bowling keen throughout the afternoon session, when the leaders drew away.

The match was played under fine conditions and the crowd was well entertained by some brilliant strokes from both sides. Play resumed after the luncheon interval with the scoring rate steady and the bowling keen throughout the afternoon session, when the leaders drew away.

beat; 6-3, 6-4; 7-5, 6-2; 6-1, 6-0; 4-6, 6-3, 6-2; 8-6, 6-4; The match was played under fine conditions and the crowd was well entertained by some brilliant strokes from both sides. Play resumed after the luncheon interval with the scoring rate steady and the bowling keen throughout the afternoon session, when the leaders drew away.

Section F

The match was played under fine conditions and the crowd was well entertained by some brilliant strokes from both sides. Play resumed after the luncheon interval with the scoring rate steady and the bowling keen throughout the afternoon session, when the leaders drew away.

The match was played under fine conditions and the crowd was well entertained by some brilliant strokes from both sides. Play resumed after the luncheon interval with the scoring rate steady and the bowling keen throughout the afternoon session, when the leaders drew away.

beat; 6-3, 6-4; 7-5, 6-2; 6-1, 6-0; 4-6, 6-3, 6-2; 8-6, 6-4; The match was played under fine conditions and the crowd was well entertained by some brilliant strokes from both sides. Play resumed after the luncheon interval with the scoring rate steady and the bowling keen throughout the afternoon session, when the leaders drew away.

The match was played under fine conditions and the crowd was well entertained by some brilliant strokes from both sides. Play resumed after the luncheon interval with the scoring rate steady and the bowling keen throughout the afternoon session, when the leaders drew away.

AUCKLAND RETAINS WALKER SHIELD
WINS BY NINE WICKETS

The match was played under fine conditions and the crowd was well entertained by some brilliant strokes from both sides. Play resumed after the luncheon interval with the scoring rate steady and the bowling keen throughout the afternoon session, when the leaders drew away.

The match was played under fine conditions and the crowd was well entertained by some brilliant strokes from both sides. Play resumed after the luncheon interval with the scoring rate steady and the bowling keen throughout the afternoon session, when the leaders drew away.

beat; 6-3, 6-4; 7-5, 6-2; 6-1, 6-0; 4-6, 6-3, 6-2; 8-6, 6-4; The match was played under fine conditions and the crowd was well entertained by some brilliant strokes from both sides. Play resumed after the luncheon interval with the scoring rate steady and the bowling keen throughout the afternoon session, when the leaders drew away.

The match was played under fine conditions and the crowd was well entertained by some brilliant strokes from both sides. Play resumed after the luncheon interval with the scoring rate steady and the bowling keen throughout the afternoon session, when the leaders drew away.

The match was played under fine conditions and the crowd was well entertained by some brilliant strokes from both sides. Play resumed after the luncheon interval with the scoring rate steady and the bowling keen throughout the afternoon session, when the leaders drew away.

DING-DONG FIGHT
ENGLISH EXPERTS GRATIFIED
ALL CRICKETERS REJOICE

The match was played under fine conditions and the crowd was well entertained by some brilliant strokes from both sides. Play resumed after the luncheon interval with the scoring rate steady and the bowling keen throughout the afternoon session, when the leaders drew away.

The match was played under fine conditions and the crowd was well entertained by some brilliant strokes from both sides. Play resumed after the luncheon interval with the scoring rate steady and the bowling keen throughout the afternoon session, when the leaders drew away.

beat; 6-3, 6-4; 7-5, 6-2; 6-1, 6-0; 4-6, 6-3, 6-2; 8-6, 6-4; The match was played under fine conditions and the crowd was well entertained by some brilliant strokes from both sides. Play resumed after the luncheon interval with the scoring rate steady and the bowling keen throughout the afternoon session, when the leaders drew away.

The match was played under fine conditions and the crowd was well entertained by some brilliant strokes from both sides. Play resumed after the luncheon interval with the scoring rate steady and the bowling keen throughout the afternoon session, when the leaders drew away.

The match was played under fine conditions and the crowd was well entertained by some brilliant strokes from both sides. Play resumed after the luncheon interval with the scoring rate steady and the bowling keen throughout the afternoon session, when the leaders drew away.

beat; 6-3, 6-4; 7-5, 6-2; 6-1, 6-0; 4-6, 6-3, 6-2; 8-6, 6-4; The match was played under fine conditions and the crowd was well entertained by some brilliant strokes from both sides. Play resumed after the luncheon interval with the scoring rate steady and the bowling keen throughout the afternoon session, when the leaders drew away.

GAME LIVENS UP

The match was played under fine conditions and the crowd was well entertained by some brilliant strokes from both sides. Play resumed after the luncheon interval with the scoring rate steady and the bowling keen throughout the afternoon session, when the leaders drew away.

The match was played under fine conditions and the crowd was well entertained by some brilliant strokes from both sides. Play resumed after the luncheon interval with the scoring rate steady and the bowling keen throughout the afternoon session, when the leaders drew away.

beat; 6-3, 6-4; 7-5, 6-2; 6-1, 6-0; 4-6, 6-3, 6-2; 8-6, 6-4; The match was played under fine conditions and the crowd was well entertained by some brilliant strokes from both sides. Play resumed after the luncheon interval with the scoring rate steady and the bowling keen throughout the afternoon session, when the leaders drew away.

The match was played under fine conditions and the crowd was well entertained by some brilliant strokes from both sides. Play resumed after the luncheon interval with the scoring rate steady and the bowling keen throughout the afternoon session, when the leaders drew away.

LATE ADVERTISEMENTS
SITUATIONS VACANT

The match was played under fine conditions and the crowd was well entertained by some brilliant strokes from both sides. Play resumed after the luncheon interval with the scoring rate steady and the bowling keen throughout the afternoon session, when the leaders drew away.

DANCING
SWANSON HALL
NEW YEAR'S EVE DANCE
Popular Prices
FINAL DAY OF TROTS
Prince Pointer Again
SURPRISE BY THE ABBEY

FINE weather again prevailed for the Auckland Trotting Club's Christmas carnival, which reached finality at Epsom to-day. There was a good attendance and the track was in nice order.

The match was played under fine conditions and the crowd was well entertained by some brilliant strokes from both sides. Play resumed after the luncheon interval with the scoring rate steady and the bowling keen throughout the afternoon session, when the leaders drew away.

The match was played under fine conditions and the crowd was well entertained by some brilliant strokes from both sides. Play resumed after the luncheon interval with the scoring rate steady and the bowling keen throughout the afternoon session, when the leaders drew away.

beat; 6-3, 6-4; 7-5, 6-2; 6-1, 6-0; 4-6, 6-3, 6-2; 8-6, 6-4; The match was played under fine conditions and the crowd was well entertained by some brilliant strokes from both sides. Play resumed after the luncheon interval with the scoring rate steady and the bowling keen throughout the afternoon session, when the leaders drew away.

The match was played under fine conditions and the crowd was well entertained by some brilliant strokes from both sides. Play resumed after the luncheon interval with the scoring rate steady and the bowling keen throughout the afternoon session, when the leaders drew away.

The match was played under fine conditions and the crowd was well entertained by some brilliant strokes from both sides. Play resumed after the luncheon interval with the scoring rate steady and the bowling keen throughout the afternoon session, when the leaders drew away.

beat; 6-3, 6-4; 7-5, 6-2; 6-1, 6-0; 4-6, 6-3, 6-2; 8-6, 6-4; The match was played under fine conditions and the crowd was well entertained by some brilliant strokes from both sides. Play resumed after the luncheon interval with the scoring rate steady and the bowling keen throughout the afternoon session, when the leaders drew away.

The match was played under fine conditions and the crowd was well entertained by some brilliant strokes from both sides. Play resumed after the luncheon interval with the scoring rate steady and the bowling keen throughout the afternoon session, when the leaders drew away.

TAMAKI HANDICAP

The match was played under fine conditions and the crowd was well entertained by some brilliant strokes from both sides. Play resumed after the luncheon interval with the scoring rate steady and the bowling keen throughout the afternoon session, when the leaders drew away.

beat; 6-3, 6-4; 7-5, 6-2; 6-1, 6-0; 4-6, 6-3, 6-2; 8-6, 6-4; The match was played under fine conditions and the crowd was well entertained by some brilliant strokes from both sides. Play resumed after the luncheon interval with the scoring rate steady and the bowling keen throughout the afternoon session, when the leaders drew away.

The match was played under fine conditions and the crowd was well entertained by some brilliant strokes from both sides. Play resumed after the luncheon interval with the scoring rate steady and the bowling keen throughout the afternoon session, when the leaders drew away.

The match was played under fine conditions and the crowd was well entertained by some brilliant strokes from both sides. Play resumed after the luncheon interval with the scoring rate steady and the bowling keen throughout the afternoon session, when the leaders drew away.

beat; 6-3, 6-4; 7-5, 6-2; 6-1, 6-0; 4-6, 6-3, 6-2; 8-6, 6-4; The match was played under fine conditions and the crowd was well entertained by some brilliant strokes from both sides. Play resumed after the luncheon interval with the scoring rate steady and the bowling keen throughout the afternoon session, when the leaders drew away.

The match was played under fine conditions and the crowd was well entertained by some brilliant strokes from both sides. Play resumed after the luncheon interval with the scoring rate steady and the bowling keen throughout the afternoon session, when the leaders drew away.

The match was played under fine conditions and the crowd was well entertained by some brilliant strokes from both sides. Play resumed after the luncheon interval with the scoring rate steady and the bowling keen throughout the afternoon session, when the leaders drew away.

DECEMBER HANDICAP

beat; 6-3, 6-4; 7-5, 6-2; 6-1, 6-0; 4-6, 6-3, 6-2; 8-6, 6-4; The match was played under fine conditions and the crowd was well entertained by some brilliant strokes from both sides. Play resumed after the luncheon interval with the scoring rate steady and the bowling keen throughout the afternoon session, when the leaders drew away.

The match was played under fine conditions and the crowd was well entertained by some brilliant strokes from both sides. Play resumed after the luncheon interval with the scoring rate steady and the bowling keen throughout the afternoon session, when the leaders drew away.

The match was played under fine conditions and the crowd was well entertained by some brilliant strokes from both sides. Play resumed after the luncheon interval with the scoring rate steady and the bowling keen throughout the afternoon session, when the leaders drew away.

beat; 6-3, 6-4; 7-5, 6-2; 6-1, 6-0; 4-6, 6-3, 6-2; 8-6, 6-4; The match was played under fine conditions and the crowd was well entertained by some brilliant strokes from both sides. Play resumed after the luncheon interval with the scoring rate steady and the bowling keen throughout the afternoon session, when the leaders drew away.

The match was played under fine conditions and the crowd was well entertained by some brilliant strokes from both sides. Play resumed after the luncheon interval with the scoring rate steady and the bowling keen throughout the afternoon session, when the leaders drew away.

The match was played under fine conditions and the crowd was well entertained by some brilliant strokes from both sides. Play resumed after the luncheon interval with the scoring rate steady and the bowling keen throughout the afternoon session, when the leaders drew away.

beat; 6-3, 6-4; 7-5, 6-2; 6-1, 6-0; 4-6, 6-3, 6-2; 8-6, 6-4; The match was played under fine conditions and the crowd was well entertained by some brilliant strokes from both sides. Play resumed after the luncheon interval with the scoring rate steady and the bowling keen throughout the afternoon session, when the leaders drew away.

PARK HANDICAP

The match was played under fine conditions and the crowd was well entertained by some brilliant strokes from both sides. Play resumed after the luncheon interval with the scoring rate steady and the bowling keen throughout the afternoon session, when the leaders drew away.

The match was played under fine conditions and the crowd was well entertained by some brilliant strokes from both sides. Play resumed after the luncheon interval with the scoring rate steady and the bowling keen throughout the afternoon session, when the leaders drew away.

beat; 6-3, 6-4; 7-5, 6-2; 6-1, 6-0; 4-6, 6-3, 6-2; 8-6, 6-4; The match was played under fine conditions and the crowd was well entertained by some brilliant strokes from both sides. Play resumed after the luncheon interval with the scoring rate steady and the bowling keen throughout the afternoon session, when the leaders drew away.

The match was played under fine conditions and the crowd was well entertained by some brilliant strokes from both sides. Play resumed after the luncheon interval with the scoring rate steady and the bowling keen throughout the afternoon session, when the leaders drew away.

The match was played under fine conditions and the crowd was well entertained by some brilliant strokes from both sides. Play resumed after the luncheon interval with the scoring rate steady and the bowling keen throughout the afternoon session, when the leaders drew away.

beat; 6-3, 6-4; 7-5, 6-2; 6-1, 6-0; 4-6, 6-3, 6-2; 8-6, 6-4; The match was played under fine conditions and the crowd was well entertained by some brilliant strokes from both sides. Play resumed after the luncheon interval with the scoring rate steady and the bowling keen throughout the afternoon session, when the leaders drew away.

The match was played under fine conditions and the crowd was well entertained by some brilliant strokes from both sides. Play resumed after the luncheon interval with the scoring rate steady and the bowling keen throughout the afternoon session, when the leaders drew away.

PRESIDENT'S HANDICAP

The match was played under fine conditions and the crowd was well entertained by some brilliant strokes from both sides. Play resumed after the luncheon interval with the scoring rate steady and the bowling keen throughout the afternoon session, when the leaders drew away.

beat; 6-3, 6-4; 7-5, 6-2; 6-1, 6-0; 4-6, 6-3, 6-2; 8-6, 6-4; The match was played under fine conditions and the crowd was well entertained by some brilliant strokes from both sides. Play resumed after the luncheon interval with the scoring rate steady and the bowling keen throughout the afternoon session, when the leaders drew away.

The match was played under fine conditions and the crowd was well entertained by some brilliant strokes from both sides. Play resumed after the luncheon interval with the scoring rate steady and the bowling keen throughout the afternoon session, when the leaders drew away.

The match was played under fine conditions and the crowd was well entertained by some brilliant strokes from both sides. Play resumed after the luncheon interval with the scoring rate steady and the bowling keen throughout the afternoon session, when the leaders drew away.

beat; 6-3, 6-4; 7-5, 6-2; 6-1, 6-0; 4-6, 6-3, 6-2; 8-6, 6-4; The match was played under fine conditions and the crowd was well entertained by some brilliant strokes from both sides. Play resumed after the luncheon interval with the scoring rate steady and the bowling keen throughout the afternoon session, when the leaders drew away.

The match was played under fine conditions and the crowd was well entertained by some brilliant strokes from both sides. Play resumed after the luncheon interval with the scoring rate steady and the bowling keen throughout the afternoon session, when the leaders drew away.

The match was played under fine conditions and the crowd was well entertained by some brilliant strokes from both sides. Play resumed after the luncheon interval with the scoring rate steady and the bowling keen throughout the afternoon session, when the leaders drew away.

beat; 6-3, 6-4; 7-5, 6-2; 6-1, 6-0; 4-6, 6-3, 6-2; 8-6, 6-4; The match was played under fine conditions and the crowd was well entertained by some brilliant strokes from both sides. Play resumed after the luncheon interval with the scoring rate steady and the bowling keen throughout the afternoon session, when the leaders drew away.

The match was played under fine conditions and the crowd was well entertained by some brilliant strokes from both sides. Play resumed after the luncheon interval with the scoring rate steady and the bowling keen throughout the afternoon session, when the leaders drew away.

The match was played under fine conditions and the crowd was well entertained by some brilliant strokes from both sides. Play resumed after the luncheon interval with the scoring rate steady and the bowling keen throughout the afternoon session, when the leaders drew away.

The match was played under fine conditions and the crowd was well entertained by some brilliant strokes from both sides. Play resumed after the luncheon interval with the scoring rate steady and the bowling keen throughout the afternoon session, when the leaders drew away.

The match was played under fine conditions and the crowd was well entertained by some brilliant strokes from both sides. Play resumed after the luncheon interval with the scoring rate steady and the bowling keen throughout the afternoon session, when the leaders drew away.

ASSOCIATION HANDICAP

beat; 6-3, 6-4; 7-5, 6-2; 6-1, 6-0; 4-6, 6-3, 6-2; 8-6, 6-4; The match was played under fine conditions and the crowd was well entertained by some brilliant strokes from both sides. Play resumed after the luncheon interval with the scoring rate steady and the bowling keen throughout the afternoon session, when the leaders drew away.

The match was played under fine conditions and the crowd was well entertained by some brilliant strokes from both sides. Play resumed after the luncheon interval with the scoring rate steady and the bowling keen throughout the afternoon session, when the leaders drew away.

TRIAL HANDICAP

The match was played under fine conditions and the crowd was well entertained by some brilliant strokes from both sides. Play resumed after the luncheon interval with the scoring rate steady and the bowling keen throughout the afternoon session, when the leaders drew away.

beat; 6-3, 6-4; 7-5, 6-2; 6-1, 6-0; 4-6, 6-3, 6-2; 8-6, 6-4; The match was played under fine conditions and the crowd was well entertained by some brilliant strokes from both sides. Play resumed after the luncheon interval with the scoring rate steady and the bowling keen throughout the afternoon session, when the leaders drew away.

TIGER HANDICAP

The match was played under fine conditions and the crowd was well entertained by some brilliant strokes from both sides. Play resumed after the luncheon interval with the scoring rate steady and the bowling keen throughout the afternoon session, when the leaders drew away.

The match was played under fine conditions and the crowd was well entertained by some brilliant strokes from both sides. Play resumed after the luncheon interval with the scoring rate steady and the bowling keen throughout the afternoon session, when the leaders drew away.

PROGRESS HANDICAP

beat; 6-3, 6-4; 7-5, 6-2; 6-1, 6-0; 4-6, 6-3, 6-2; 8-6, 6-4; The match was played under fine conditions and the crowd was well entertained by some brilliant strokes from both sides. Play resumed after the luncheon interval with the scoring rate steady and the bowling keen throughout the afternoon session, when the leaders drew away.

The match was played under fine conditions and the crowd was well entertained by some brilliant strokes from both sides. Play resumed after the luncheon interval with the scoring rate steady and the bowling keen throughout the afternoon session, when the leaders drew away.

TROTTING CUP HANDICAP

The match was played under fine conditions and the crowd was well entertained by some brilliant strokes from both sides. Play resumed after the luncheon interval with the scoring rate steady and the bowling keen throughout the afternoon session, when the leaders drew away.

beat; 6-3, 6-4; 7-5, 6-2; 6-1, 6-0; 4-6, 6-3, 6-2; 8-6, 6-4; The match was played under fine conditions and the crowd was well entertained by some brilliant strokes from both sides. Play resumed after the luncheon interval with the scoring rate steady and the bowling keen throughout the afternoon session, when the leaders drew away.

The match was played under fine conditions and the crowd was well entertained by some brilliant strokes from both sides. Play resumed after the luncheon interval with the scoring rate steady and the bowling keen throughout the afternoon session, when the leaders drew away.

The match was played under fine conditions and the crowd was well entertained by some brilliant strokes from both sides. Play resumed after the luncheon interval with the scoring rate steady and the bowling keen throughout the afternoon session, when the leaders drew away.

INANGAHUA TROTS
CUP TO LINKMAN

The match was played under fine conditions and the crowd was well entertained by some brilliant strokes from both sides. Play resumed after the luncheon interval with the scoring rate steady and the bowling keen throughout the afternoon session, when the leaders drew away.

The match was played under fine conditions and the crowd was well entertained by some brilliant strokes from both sides. Play resumed after the luncheon interval with the scoring rate steady and the bowling keen throughout the afternoon session, when the leaders drew away.

beat; 6-3, 6-4; 7-5, 6-2; 6-1, 6-0; 4-6, 6-3, 6-2; 8-6, 6-4; The match was played under fine conditions and the crowd was well entertained by some brilliant strokes from both sides. Play resumed after the luncheon interval with the scoring rate steady and the bowling keen throughout the afternoon session, when the leaders drew away.

The match was played under fine conditions and the crowd was well entertained by some brilliant strokes from both sides. Play resumed after the luncheon interval with the scoring rate steady and the bowling keen throughout the afternoon session, when the leaders drew away.

The match was played under fine conditions and the crowd was well entertained by some brilliant strokes from both sides. Play resumed after the luncheon interval with the scoring rate steady and the bowling keen throughout the afternoon session, when the leaders drew away.

TYPHOID OUTBREAK
FOUR CASES IN BORSTAL INSTITUTE
ALARM AT WAIKERIA

The match was played under fine conditions and the crowd was well entertained by some brilliant strokes from both sides. Play resumed after the luncheon interval with the scoring rate steady and the bowling keen throughout the afternoon session, when the leaders drew away.

The match was played under fine conditions and the crowd was well entertained by some brilliant strokes from both sides. Play resumed after the luncheon interval with the scoring rate steady and the bowling keen throughout the afternoon session, when the leaders drew away.

beat; 6-3, 6-4; 7-5, 6-2; 6-1, 6-0; 4-6, 6-3, 6-2; 8-6, 6-4; The match was played under fine conditions and the crowd was well entertained by some brilliant strokes from both sides. Play resumed after the luncheon interval with the scoring rate steady and the bowling keen throughout the afternoon session, when the leaders drew away.

The match was played under fine conditions and the crowd was well entertained by some brilliant strokes from both sides. Play resumed after the luncheon interval with the scoring rate steady and the bowling keen throughout the afternoon session, when the leaders drew away.

The match was played under fine conditions and the crowd was well entertained by some brilliant strokes from both sides. Play resumed after the luncheon interval with the scoring rate steady and the bowling keen throughout the afternoon session, when the leaders drew away.

beat; 6-3, 6-4; 7-5, 6-2; 6-1, 6-0; 4-6, 6-3, 6-2; 8-6, 6-4; The match was played under fine conditions and the crowd was well entertained by some brilliant strokes from both sides. Play resumed after the luncheon interval with the scoring rate steady and the bowling keen throughout the afternoon session, when the leaders drew away.

INMATE CARRIES GERM
INSTITUTE ISOLATED

The match was played under fine conditions and the crowd was well entertained by some brilliant strokes from both sides. Play resumed after the luncheon interval with the scoring rate steady and the bowling keen throughout the afternoon session, when the leaders drew away.

The match was played under fine conditions and the crowd was well entertained by some brilliant strokes from both sides. Play resumed after the luncheon interval with the scoring rate steady and the bowling keen throughout the afternoon session, when the leaders drew away.

beat; 6-3, 6-4; 7-5, 6-2; 6-1, 6-0; 4-6, 6-3, 6-2; 8-6, 6-4; The match was played under fine conditions and the crowd was well entertained by some brilliant strokes from both sides. Play resumed after the luncheon interval with the scoring rate steady and the bowling keen throughout the afternoon session, when the leaders drew away.

The match was played under fine conditions and the crowd was well entertained by some brilliant strokes from both sides. Play resumed after the luncheon interval with the scoring rate steady and the bowling keen throughout the afternoon session, when the leaders drew away.

The match was played under fine conditions and the crowd was well entertained by some brilliant strokes from both sides. Play resumed after the luncheon interval with the scoring rate steady and the bowling keen throughout the afternoon session, when the leaders drew away.

beat; 6-3, 6-4; 7-5, 6-2; 6-1, 6-0; 4-6, 6-3, 6-2; 8-6, 6-4; The match was played under fine conditions and the crowd was well entertained by some brilliant strokes from both sides. Play resumed after the luncheon interval with the scoring rate steady and the bowling keen throughout the afternoon session, when the leaders drew away.
